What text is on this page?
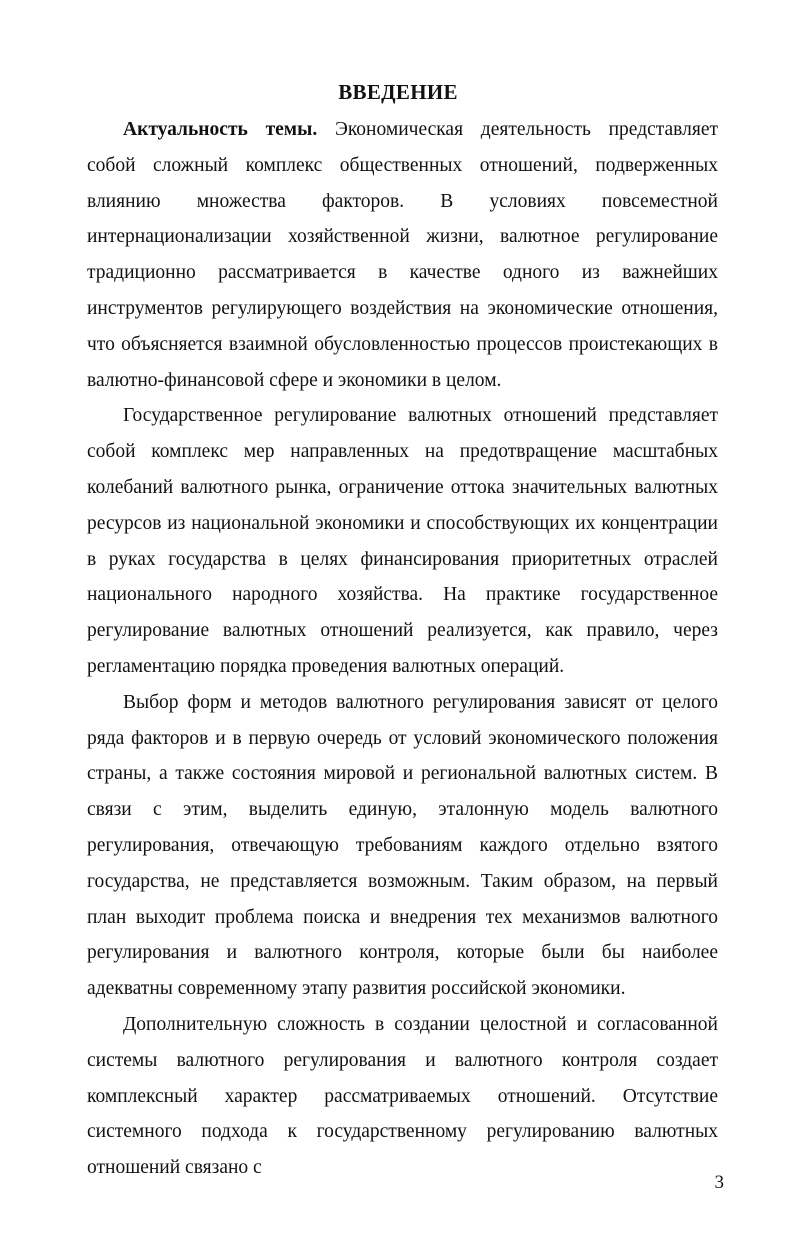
ВВЕДЕНИЕ

Актуальность темы. Экономическая деятельность представляет собой сложный комплекс общественных отношений, подверженных влиянию множества факторов. В условиях повсеместной интернационализации хозяйственной жизни, валютное регулирование традиционно рассматривается в качестве одного из важнейших инструментов регулирующего воздействия на экономические отношения, что объясняется взаимной обусловленностью процессов проистекающих в валютно-финансовой сфере и экономики в целом.

Государственное регулирование валютных отношений представляет собой комплекс мер направленных на предотвращение масштабных колебаний валютного рынка, ограничение оттока значительных валютных ресурсов из национальной экономики и способствующих их концентрации в руках государства в целях финансирования приоритетных отраслей национального народного хозяйства. На практике государственное регулирование валютных отношений реализуется, как правило, через регламентацию порядка проведения валютных операций.

Выбор форм и методов валютного регулирования зависят от целого ряда факторов и в первую очередь от условий экономического положения страны, а также состояния мировой и региональной валютных систем. В связи с этим, выделить единую, эталонную модель валютного регулирования, отвечающую требованиям каждого отдельно взятого государства, не представляется возможным. Таким образом, на первый план выходит проблема поиска и внедрения тех механизмов валютного регулирования и валютного контроля, которые были бы наиболее адекватны современному этапу развития российской экономики.

Дополнительную сложность в создании целостной и согласованной системы валютного регулирования и валютного контроля создает комплексный характер рассматриваемых отношений. Отсутствие системного подхода к государственному регулированию валютных отношений связано с

3
